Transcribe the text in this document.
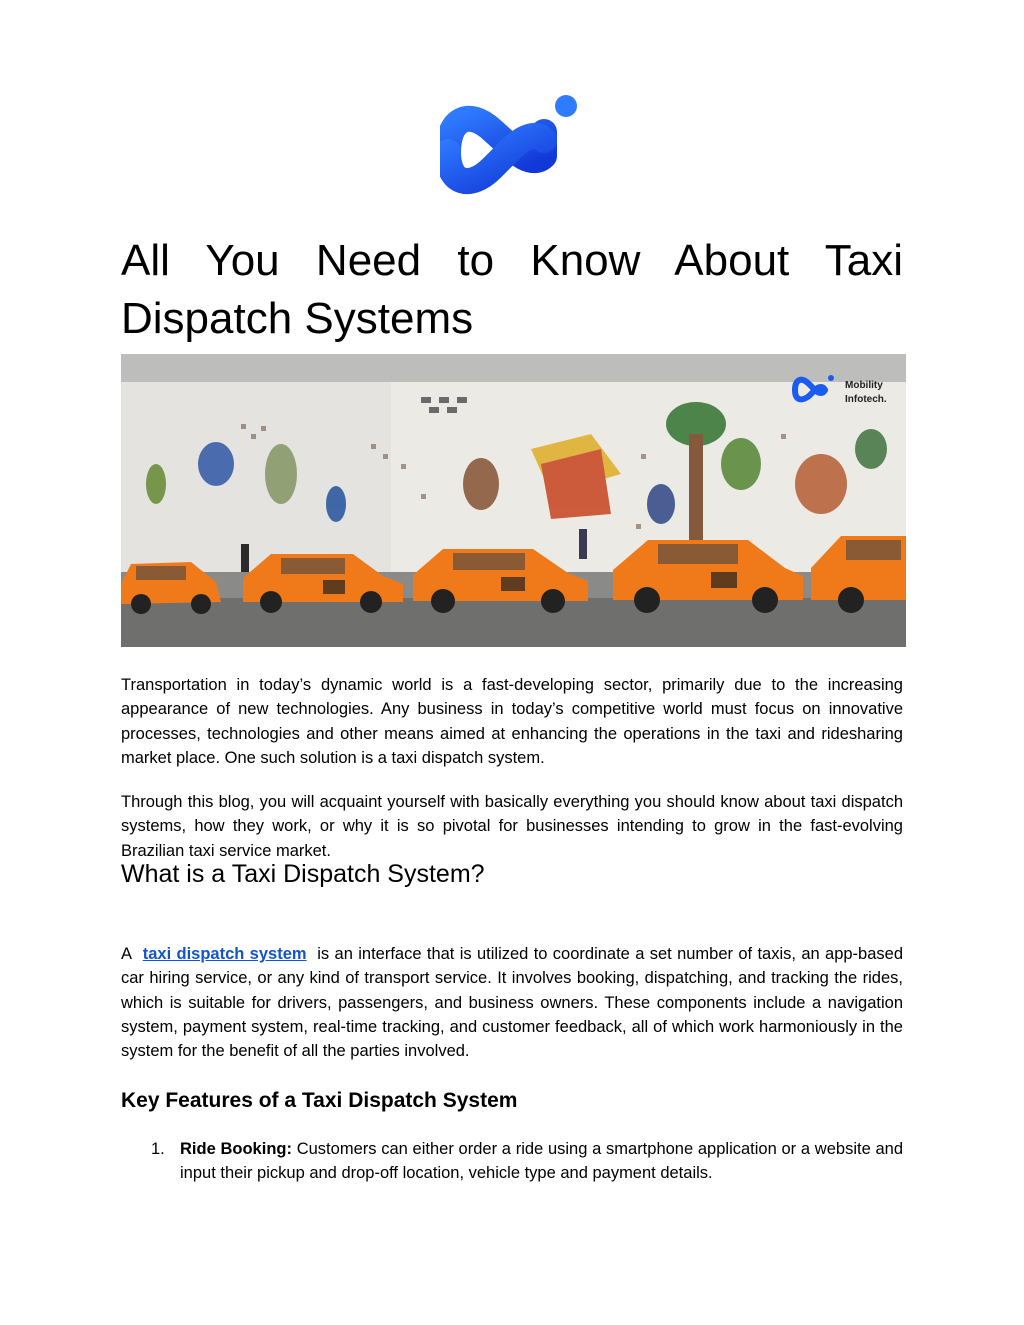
All You Need to Know About Taxi Dispatch Systems
Mobility
Infotech.

Transportation in today’s dynamic world is a fast-developing sector, primarily due to the increasing appearance of new technologies. Any business in today’s competitive world must focus on innovative processes, technologies and other means aimed at enhancing the operations in the taxi and ridesharing market place. One such solution is a taxi dispatch system.

Through this blog, you will acquaint yourself with basically everything you should know about taxi dispatch systems, how they work, or why it is so pivotal for businesses intending to grow in the fast-evolving Brazilian taxi service market.

What is a Taxi Dispatch System?

A taxi dispatch system is an interface that is utilized to coordinate a set number of taxis, an app-based car hiring service, or any kind of transport service. It involves booking, dispatching, and tracking the rides, which is suitable for drivers, passengers, and business owners. These components include a navigation system, payment system, real-time tracking, and customer feedback, all of which work harmoniously in the system for the benefit of all the parties involved.

Key Features of a Taxi Dispatch System
1. Ride Booking: Customers can either order a ride using a smartphone application or a website and input their pickup and drop-off location, vehicle type and payment details.
